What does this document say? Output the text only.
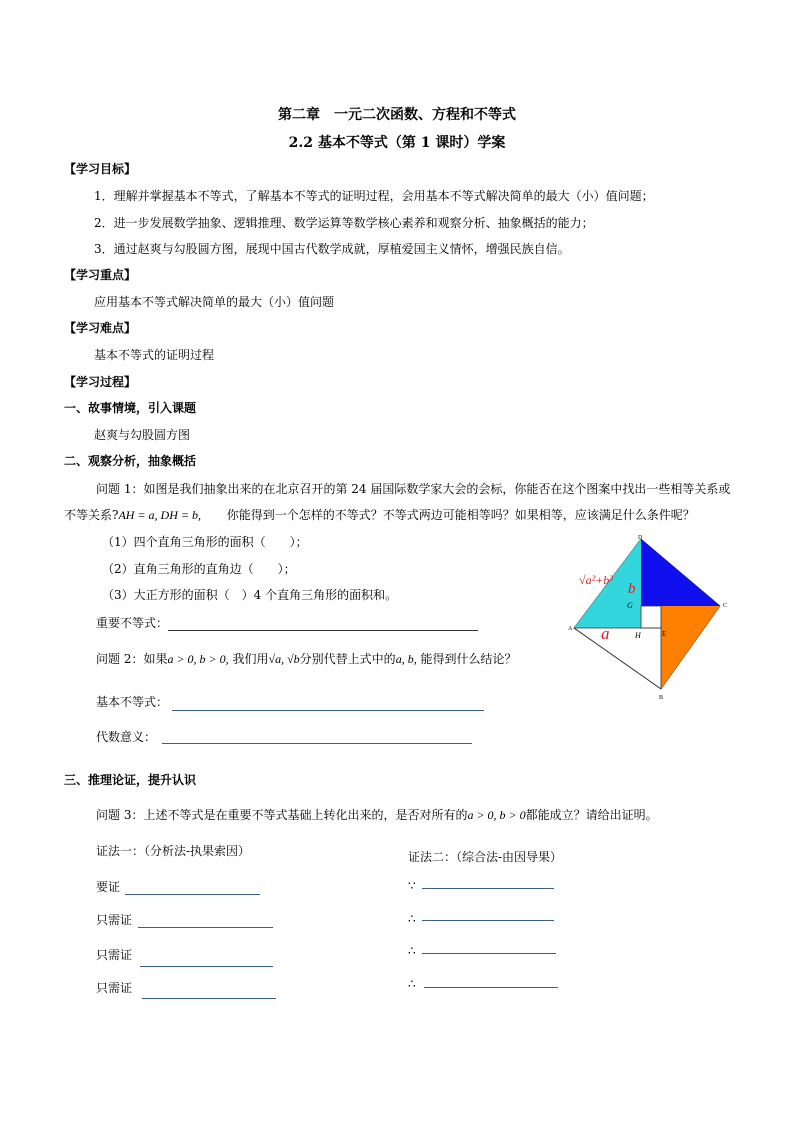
第二章　一元二次函数、方程和不等式
2.2 基本不等式（第 1 课时）学案
【学习目标】
1．理解并掌握基本不等式，了解基本不等式的证明过程，会用基本不等式解决简单的最大（小）值问题；
2．进一步发展数学抽象、逻辑推理、数学运算等数学核心素养和观察分析、抽象概括的能力；
3．通过赵爽与勾股圆方图，展现中国古代数学成就，厚植爱国主义情怀，增强民族自信。
【学习重点】
应用基本不等式解决简单的最大（小）值问题
【学习难点】
基本不等式的证明过程
【学习过程】
一、故事情境，引入课题
赵爽与勾股圆方图
二、观察分析，抽象概括
问题 1：如图是我们抽象出来的在北京召开的第 24 届国际数学家大会的会标，你能否在这个图案中找出一些相等关系或
不等关系?AH = a, DH = b, 你能得到一个怎样的不等式？不等式两边可能相等吗？如果相等，应该满足什么条件呢？
（1）四个直角三角形的面积（　　）；
（2）直角三角形的直角边（　　）；
（3）大正方形的面积（　）4 个直角三角形的面积和。
重要不等式：
问题 2：如果a > 0, b > 0, 我们用√a, √b分别代替上式中的a, b, 能得到什么结论？
基本不等式：
代数意义：
D
C
A
B
G
H	E
a
b
√a²+b²
三、推理论证，提升认识
问题 3：上述不等式是在重要不等式基础上转化出来的，是否对所有的a > 0, b > 0都能成立？请给出证明。
证法一：（分析法-执果索因）
要证
只需证
只需证
只需证
证法二：（综合法-由因导果）
∵
∴
∴
∴
